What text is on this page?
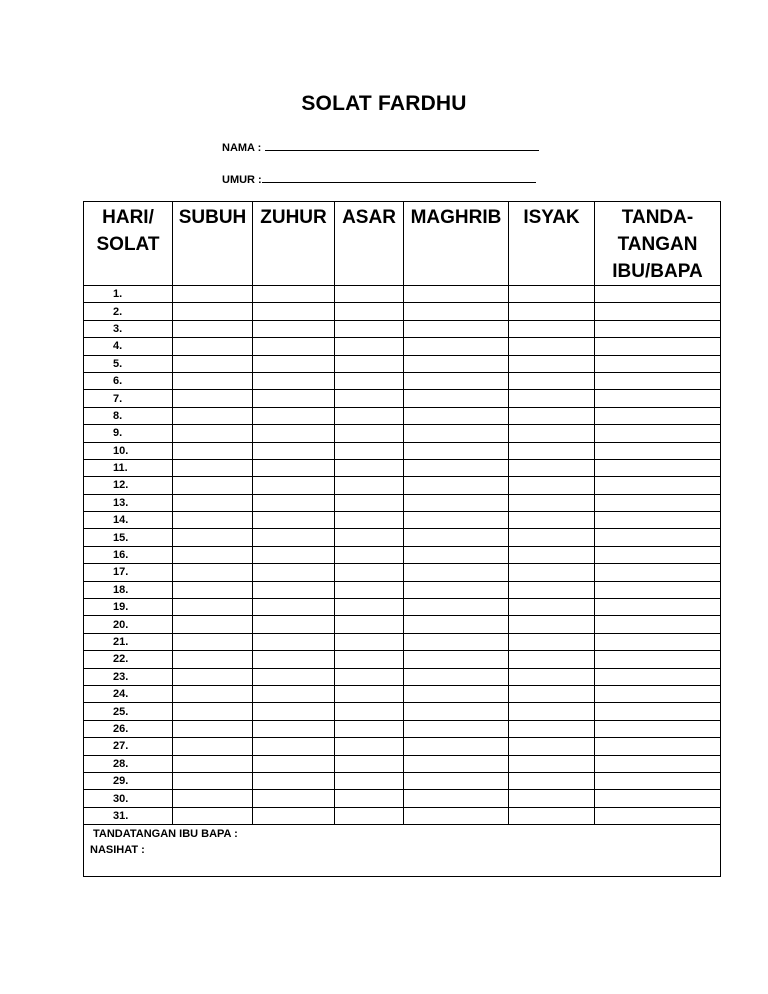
SOLAT FARDHU
NAMA :
UMUR :
HARI/
SOLAT	SUBUH	ZUHUR	ASAR	MAGHRIB	ISYAK	TANDA-
TANGAN
IBU/BAPA
1.						
2.						
3.						
4.						
5.						
6.						
7.						
8.						
9.						
10.						
11.						
12.						
13.						
14.						
15.						
16.						
17.						
18.						
19.						
20.						
21.						
22.						
23.						
24.						
25.						
26.						
27.						
28.						
29.						
30.						
31.						

TANDATANGAN IBU BAPA :
NASIHAT :						
